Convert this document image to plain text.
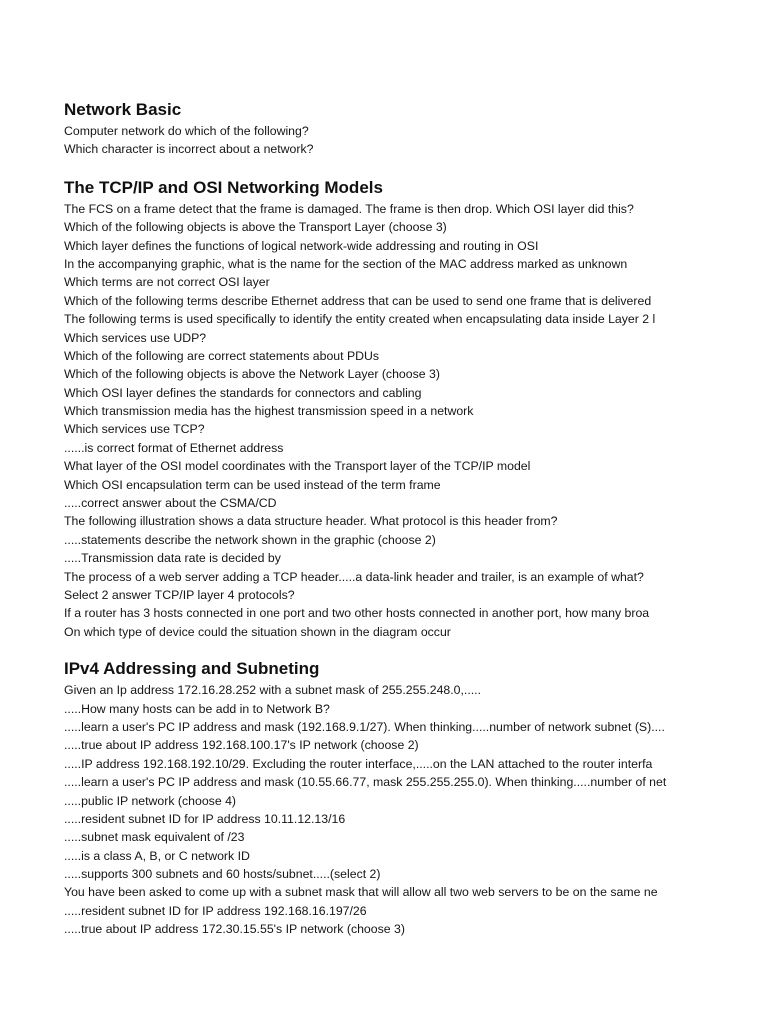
Network Basic
Computer network do which of the following?
Which character is incorrect about a network?
The TCP/IP and OSI Networking Models
The FCS on a frame detect that the frame is damaged. The frame is then drop. Which OSI layer did this?
Which of the following objects is above the Transport Layer (choose 3)
Which layer defines the functions of logical network-wide addressing and routing in OSI
In the accompanying graphic, what is the name for the section of the MAC address marked as unknown
Which terms are not correct OSI layer
Which of the following terms describe Ethernet address that can be used to send one frame that is delivered
The following terms is used specifically to identify the entity created when encapsulating data inside Layer 2 l
Which services use UDP?
Which of the following are correct statements about PDUs
Which of the following objects is above the Network Layer (choose 3)
Which OSI layer defines the standards for connectors and cabling
Which transmission media has the highest transmission speed in a network
Which services use TCP?
......is correct format of Ethernet address
What layer of the OSI model coordinates with the Transport layer of the TCP/IP model
Which OSI encapsulation term can be used instead of the term frame
.....correct answer about the CSMA/CD
The following illustration shows a data structure header. What protocol is this header from?
.....statements describe the network shown in the graphic (choose 2)
.....Transmission data rate is decided by
The process of a web server adding a TCP header.....a data-link header and trailer, is an example of what?
Select 2 answer TCP/IP layer 4 protocols?
If a router has 3 hosts connected in one port and two other hosts connected in another port, how many broa
On which type of device could the situation shown in the diagram occur
IPv4 Addressing and Subneting
Given an Ip address 172.16.28.252 with a subnet mask of 255.255.248.0,.....
.....How many hosts can be add in to Network B?
.....learn a user's PC IP address and mask (192.168.9.1/27). When thinking.....number of network subnet (S)....
.....true about IP address 192.168.100.17's IP network (choose 2)
.....IP address 192.168.192.10/29. Excluding the router interface,.....on the LAN attached to the router interfa
.....learn a user's PC IP address and mask (10.55.66.77, mask 255.255.255.0). When thinking.....number of net
.....public IP network (choose 4)
.....resident subnet ID for IP address 10.11.12.13/16
.....subnet mask equivalent of /23
.....is a class A, B, or C network ID
.....supports 300 subnets and 60 hosts/subnet.....(select 2)
You have been asked to come up with a subnet mask that will allow all two web servers to be on the same ne
.....resident subnet ID for IP address 192.168.16.197/26
.....true about IP address 172.30.15.55's IP network (choose 3)
